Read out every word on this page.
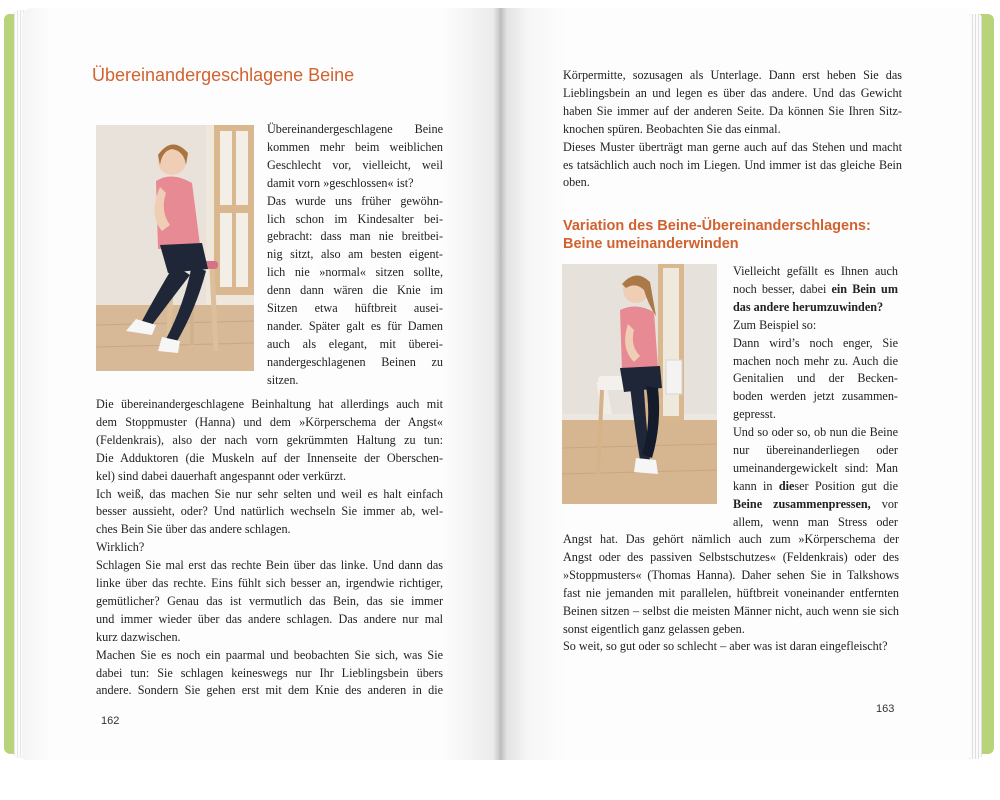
Übereinandergeschlagene Beine
Übereinandergeschlagene Beine
kommen mehr beim weiblichen
Geschlecht vor, vielleicht, weil
damit vorn »geschlossen« ist?
Das wurde uns früher gewöhn-
lich schon im Kindesalter bei-
gebracht: dass man nie breitbei-
nig sitzt, also am besten eigent-
lich nie »normal« sitzen sollte,
denn dann wären die Knie im
Sitzen etwa hüftbreit ausei-
nander. Später galt es für Damen
auch als elegant, mit überei-
nandergeschlagenen Beinen zu
sitzen.
Die übereinandergeschlagene Beinhaltung hat allerdings auch mit
dem Stoppmuster (Hanna) und dem »Körperschema der Angst«
(Feldenkrais), also der nach vorn gekrümmten Haltung zu tun:
Die Adduktoren (die Muskeln auf der Innenseite der Oberschen-
kel) sind dabei dauerhaft angespannt oder verkürzt.
Ich weiß, das machen Sie nur sehr selten und weil es halt einfach
besser aussieht, oder? Und natürlich wechseln Sie immer ab, wel-
ches Bein Sie über das andere schlagen.
Wirklich?
Schlagen Sie mal erst das rechte Bein über das linke. Und dann das
linke über das rechte. Eins fühlt sich besser an, irgendwie richtiger,
gemütlicher? Genau das ist vermutlich das Bein, das sie immer
und immer wieder über das andere schlagen. Das andere nur mal
kurz dazwischen.
Machen Sie es noch ein paarmal und beobachten Sie sich, was Sie
dabei tun: Sie schlagen keineswegs nur Ihr Lieblingsbein übers
andere. Sondern Sie gehen erst mit dem Knie des anderen in die
162
Körpermitte, sozusagen als Unterlage. Dann erst heben Sie das
Lieblingsbein an und legen es über das andere. Und das Gewicht
haben Sie immer auf der anderen Seite. Da können Sie Ihren Sitz-
knochen spüren. Beobachten Sie das einmal.
Dieses Muster überträgt man gerne auch auf das Stehen und macht
es tatsächlich auch noch im Liegen. Und immer ist das gleiche Bein
oben.
Variation des Beine-Übereinanderschlagens:
Beine umeinanderwinden
Vielleicht gefällt es Ihnen auch
noch besser, dabei ein Bein um
das andere herumzuwinden?
Zum Beispiel so:
Dann wird’s noch enger, Sie
machen noch mehr zu. Auch die
Genitalien und der Becken-
boden werden jetzt zusammen-
gepresst.
Und so oder so, ob nun die Beine
nur übereinanderliegen oder
umeinandergewickelt sind: Man
kann in dieser Position gut die
Beine zusammenpressen, vor
allem, wenn man Stress oder
Angst hat. Das gehört nämlich auch zum »Körperschema der
Angst oder des passiven Selbstschutzes« (Feldenkrais) oder des
»Stoppmusters« (Thomas Hanna). Daher sehen Sie in Talkshows
fast nie jemanden mit parallelen, hüftbreit voneinander entfernten
Beinen sitzen – selbst die meisten Männer nicht, auch wenn sie sich
sonst eigentlich ganz gelassen geben.
So weit, so gut oder so schlecht – aber was ist daran eingefleischt?
163
